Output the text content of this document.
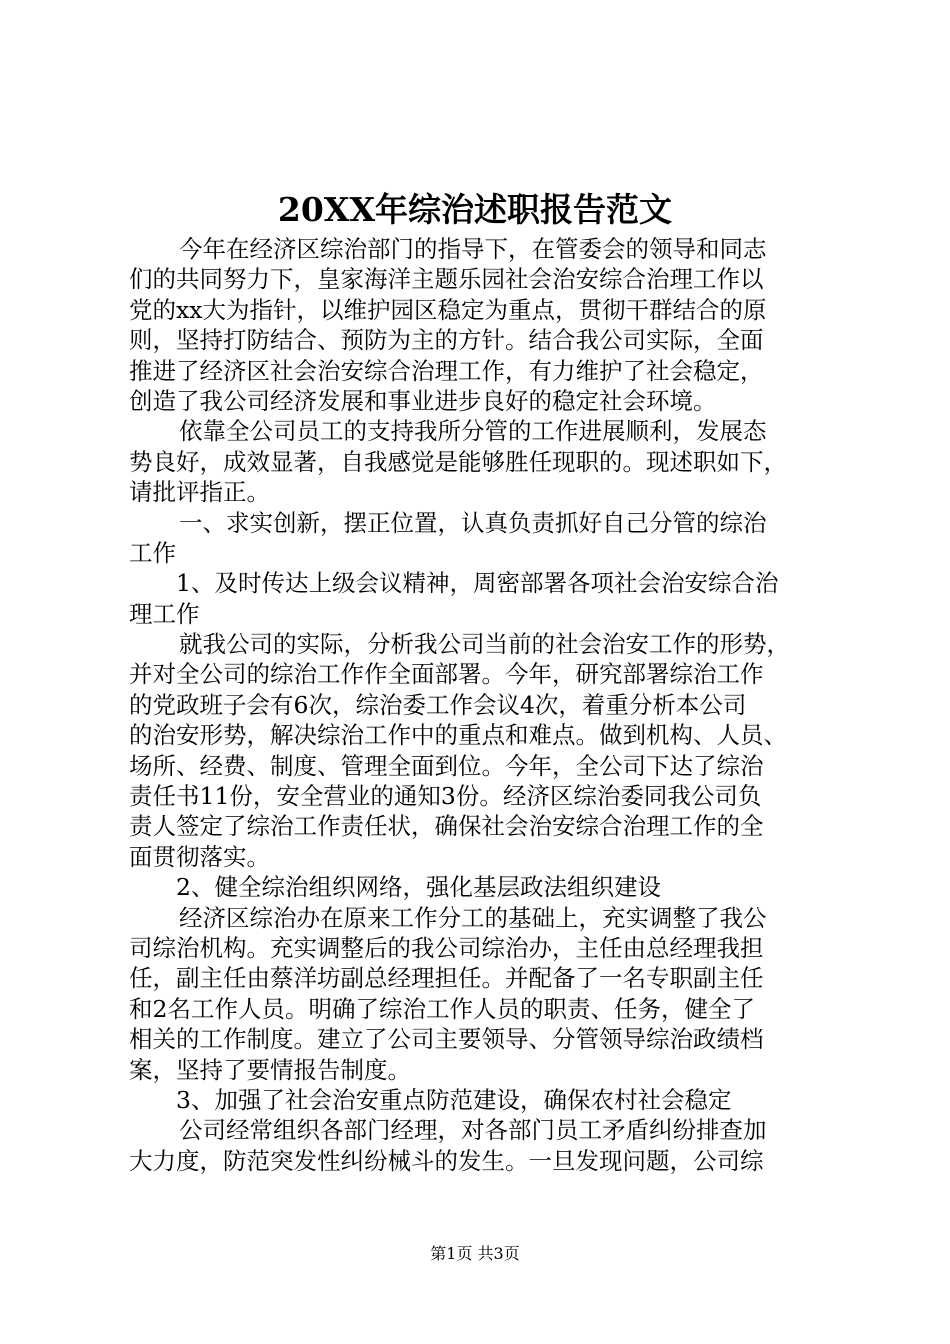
20XX年综治述职报告范文
今年在经济区综治部门的指导下，在管委会的领导和同志
们的共同努力下，皇家海洋主题乐园社会治安综合治理工作以
党的xx大为指针，以维护园区稳定为重点，贯彻干群结合的原
则，坚持打防结合、预防为主的方针。结合我公司实际，全面
推进了经济区社会治安综合治理工作，有力维护了社会稳定，
创造了我公司经济发展和事业进步良好的稳定社会环境。
依靠全公司员工的支持我所分管的工作进展顺利，发展态
势良好，成效显著，自我感觉是能够胜任现职的。现述职如下，
请批评指正。
一、求实创新，摆正位置，认真负责抓好自己分管的综治
工作
1、及时传达上级会议精神，周密部署各项社会治安综合治
理工作
就我公司的实际，分析我公司当前的社会治安工作的形势，
并对全公司的综治工作作全面部署。今年，研究部署综治工作
的党政班子会有6次，综治委工作会议4次，着重分析本公司
的治安形势，解决综治工作中的重点和难点。做到机构、人员、
场所、经费、制度、管理全面到位。今年，全公司下达了综治
责任书11份，安全营业的通知3份。经济区综治委同我公司负
责人签定了综治工作责任状，确保社会治安综合治理工作的全
面贯彻落实。
2、健全综治组织网络，强化基层政法组织建设
经济区综治办在原来工作分工的基础上，充实调整了我公
司综治机构。充实调整后的我公司综治办，主任由总经理我担
任，副主任由蔡洋坊副总经理担任。并配备了一名专职副主任
和2名工作人员。明确了综治工作人员的职责、任务，健全了
相关的工作制度。建立了公司主要领导、分管领导综治政绩档
案，坚持了要情报告制度。
3、加强了社会治安重点防范建设，确保农村社会稳定
公司经常组织各部门经理，对各部门员工矛盾纠纷排查加
大力度，防范突发性纠纷械斗的发生。一旦发现问题，公司综
第1页 共3页
